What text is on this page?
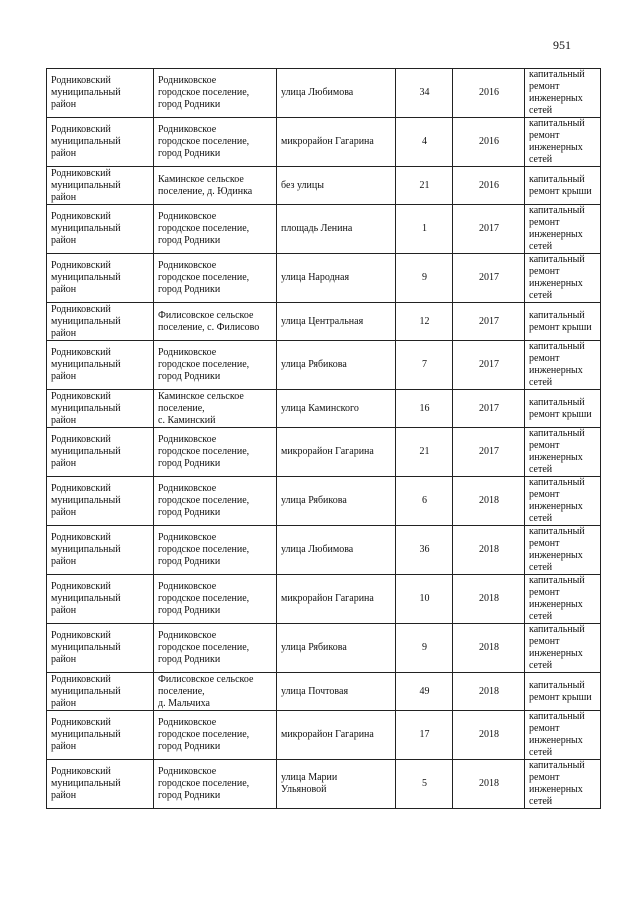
951
Родниковский
муниципальный
район	Родниковское
городское поселение,
город Родники	улица Любимова	34	2016	капитальный
ремонт
инженерных
сетей

Родниковский
муниципальный
район	Родниковское
городское поселение,
город Родники	микрорайон Гагарина	4	2016	капитальный
ремонт
инженерных
сетей

Родниковский
муниципальный
район	Каминское сельское
поселение, д. Юдинка	без улицы	21	2016	капитальный
ремонт крыши

Родниковский
муниципальный
район	Родниковское
городское поселение,
город Родники	площадь Ленина	1	2017	капитальный
ремонт
инженерных
сетей

Родниковский
муниципальный
район	Родниковское
городское поселение,
город Родники	улица Народная	9	2017	капитальный
ремонт
инженерных
сетей

Родниковский
муниципальный
район	Филисовское сельское
поселение, с. Филисово	улица Центральная	12	2017	капитальный
ремонт крыши

Родниковский
муниципальный
район	Родниковское
городское поселение,
город Родники	улица Рябикова	7	2017	капитальный
ремонт
инженерных
сетей

Родниковский
муниципальный
район	Каминское сельское
поселение,
с. Каминский	улица Каминского	16	2017	капитальный
ремонт крыши

Родниковский
муниципальный
район	Родниковское
городское поселение,
город Родники	микрорайон Гагарина	21	2017	капитальный
ремонт
инженерных
сетей

Родниковский
муниципальный
район	Родниковское
городское поселение,
город Родники	улица Рябикова	6	2018	капитальный
ремонт
инженерных
сетей

Родниковский
муниципальный
район	Родниковское
городское поселение,
город Родники	улица Любимова	36	2018	капитальный
ремонт
инженерных
сетей

Родниковский
муниципальный
район	Родниковское
городское поселение,
город Родники	микрорайон Гагарина	10	2018	капитальный
ремонт
инженерных
сетей

Родниковский
муниципальный
район	Родниковское
городское поселение,
город Родники	улица Рябикова	9	2018	капитальный
ремонт
инженерных
сетей

Родниковский
муниципальный
район	Филисовское сельское
поселение,
д. Мальчиха	улица Почтовая	49	2018	капитальный
ремонт крыши

Родниковский
муниципальный
район	Родниковское
городское поселение,
город Родники	микрорайон Гагарина	17	2018	капитальный
ремонт
инженерных
сетей

Родниковский
муниципальный
район	Родниковское
городское поселение,
город Родники	улица Марии
Ульяновой	5	2018	капитальный
ремонт
инженерных
сетей
